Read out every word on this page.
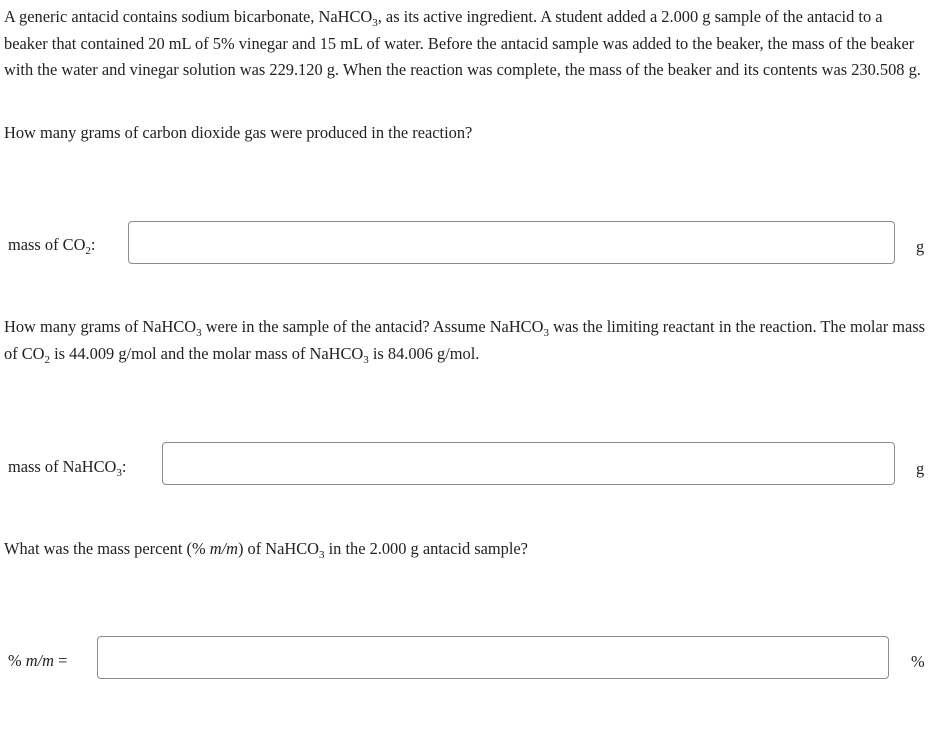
A generic antacid contains sodium bicarbonate, NaHCO$_3$, as its active ingredient. A student added a 2.000 g sample of the antacid to a beaker that contained 20 mL of 5% vinegar and 15 mL of water. Before the antacid sample was added to the beaker, the mass of the beaker with the water and vinegar solution was 229.120 g. When the reaction was complete, the mass of the beaker and its contents was 230.508 g.

How many grams of carbon dioxide gas were produced in the reaction?

mass of $CO_2$:	g

How many grams of NaHCO$_3$ were in the sample of the antacid? Assume NaHCO$_3$ was the limiting reactant in the reaction. The molar mass of $CO_2$ is 44.009 g/mol and the molar mass of NaHCO$_3$ is 84.006 g/mol.

mass of NaHCO$_3$:	g

What was the mass percent (% m/m) of NaHCO$_3$ in the 2.000 g antacid sample?

% m/m =	%
